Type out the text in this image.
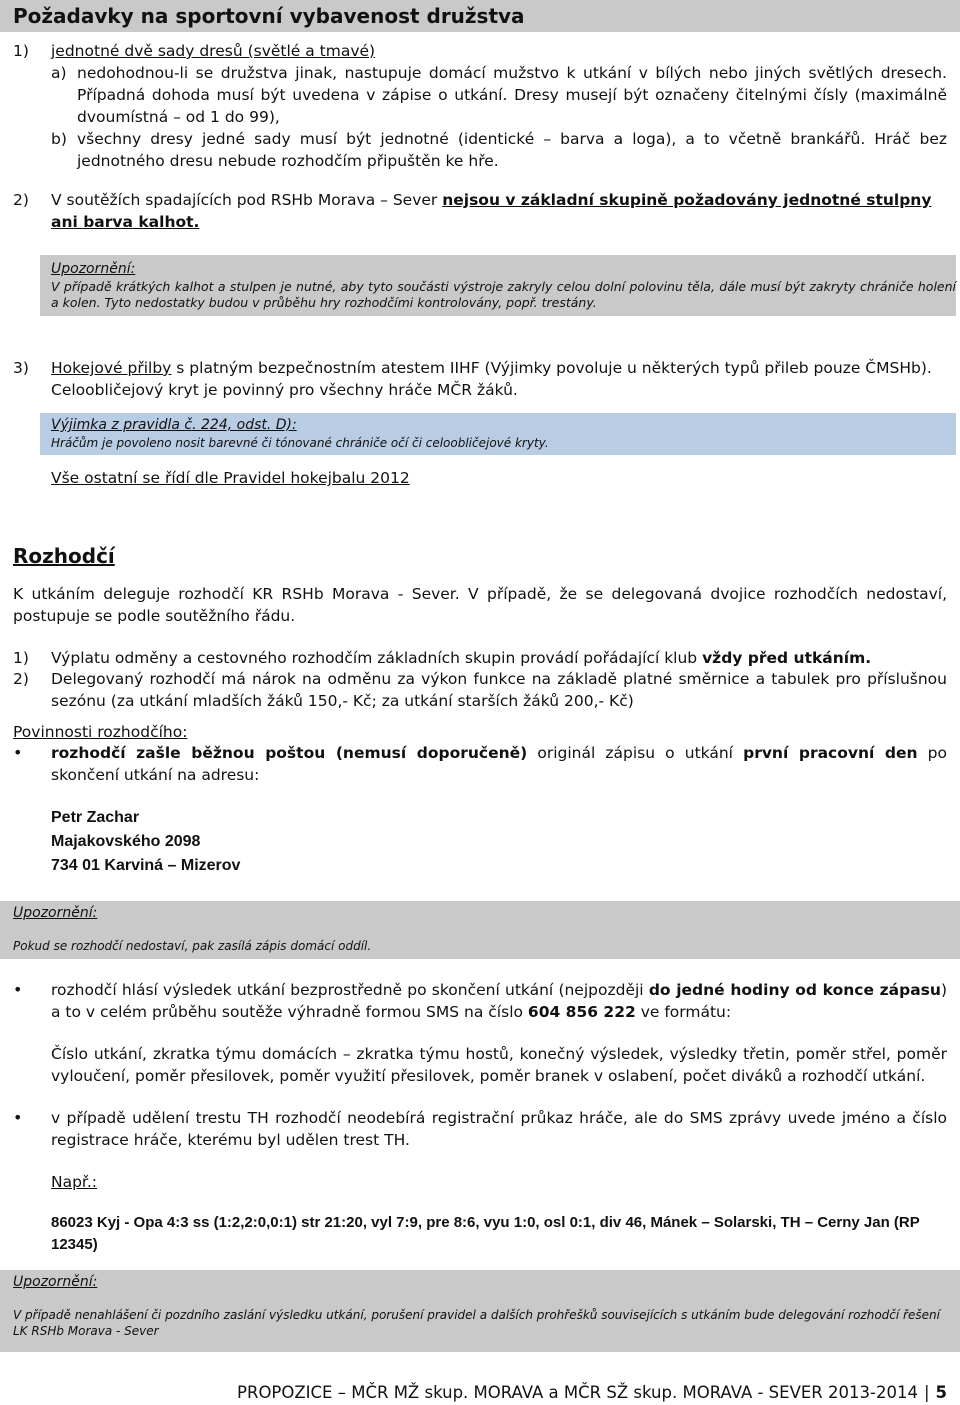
Požadavky na sportovní vybavenost družstva
1) jednotné dvě sady dresů (světlé a tmavé)
a) nedohodnou-li se družstva jinak, nastupuje domácí mužstvo k utkání v bílých nebo jiných světlých dresech. Případná dohoda musí být uvedena v zápise o utkání. Dresy musejí být označeny čitelnými čísly (maximálně dvoumístná – od 1 do 99),
b) všechny dresy jedné sady musí být jednotné (identické – barva a loga), a to včetně brankářů. Hráč bez jednotného dresu nebude rozhodčím připuštěn ke hře.
2)	V soutěžích spadajících pod RSHb Morava – Sever nejsou v základní skupině požadovány jednotné stulpny ani barva kalhot.
Upozornění:
V případě krátkých kalhot a stulpen je nutné, aby tyto součásti výstroje zakryly celou dolní polovinu těla, dále musí být zakryty chrániče holení a kolen. Tyto nedostatky budou v průběhu hry rozhodčími kontrolovány, popř. trestány.
3)	Hokejové přilby s platným bezpečnostním atestem IIHF (Výjimky povoluje u některých typů přileb pouze ČMSHb). Celoobličejový kryt je povinný pro všechny hráče MČR žáků.
Výjimka z pravidla č. 224, odst. D):
Hráčům je povoleno nosit barevné či tónované chrániče očí či celoobličejové kryty.
Vše ostatní se řídí dle Pravidel hokejbalu 2012
Rozhodčí
K utkáním deleguje rozhodčí KR RSHb Morava - Sever. V případě, že se delegovaná dvojice rozhodčích nedostaví, postupuje se podle soutěžního řádu.
1)	Výplatu odměny a cestovného rozhodčím základních skupin provádí pořádající klub vždy před utkáním.
2)	Delegovaný rozhodčí má nárok na odměnu za výkon funkce na základě platné směrnice a tabulek pro příslušnou sezónu (za utkání mladších žáků 150,- Kč; za utkání starších žáků 200,- Kč)
Povinnosti rozhodčího:
•	rozhodčí zašle běžnou poštou (nemusí doporučeně) originál zápisu o utkání první pracovní den po skončení utkání na adresu:
Petr Zachar
Majakovského 2098
734 01 Karviná – Mizerov
Upozornění:
Pokud se rozhodčí nedostaví, pak zasílá zápis domácí oddíl.
•	rozhodčí hlásí výsledek utkání bezprostředně po skončení utkání (nejpozději do jedné hodiny od konce zápasu) a to v celém průběhu soutěže výhradně formou SMS na číslo 604 856 222 ve formátu:
Číslo utkání, zkratka týmu domácích – zkratka týmu hostů, konečný výsledek, výsledky třetin, poměr střel, poměr vyloučení, poměr přesilovek, poměr využití přesilovek, poměr branek v oslabení, počet diváků a rozhodčí utkání.
•	v případě udělení trestu TH rozhodčí neodebírá registrační průkaz hráče, ale do SMS zprávy uvede jméno a číslo registrace hráče, kterému byl udělen trest TH.
Např.:
86023 Kyj - Opa 4:3 ss (1:2,2:0,0:1) str 21:20, vyl 7:9, pre 8:6, vyu 1:0, osl 0:1, div 46, Mánek – Solarski, TH – Cerny Jan (RP 12345)
Upozornění:
V případě nenahlášení či pozdního zaslání výsledku utkání, porušení pravidel a dalších prohřešků souvisejících s utkáním bude delegování rozhodčí řešení LK RSHb Morava - Sever
PROPOZICE – MČR MŽ skup. MORAVA a MČR SŽ skup. MORAVA - SEVER 2013-2014 | 5
